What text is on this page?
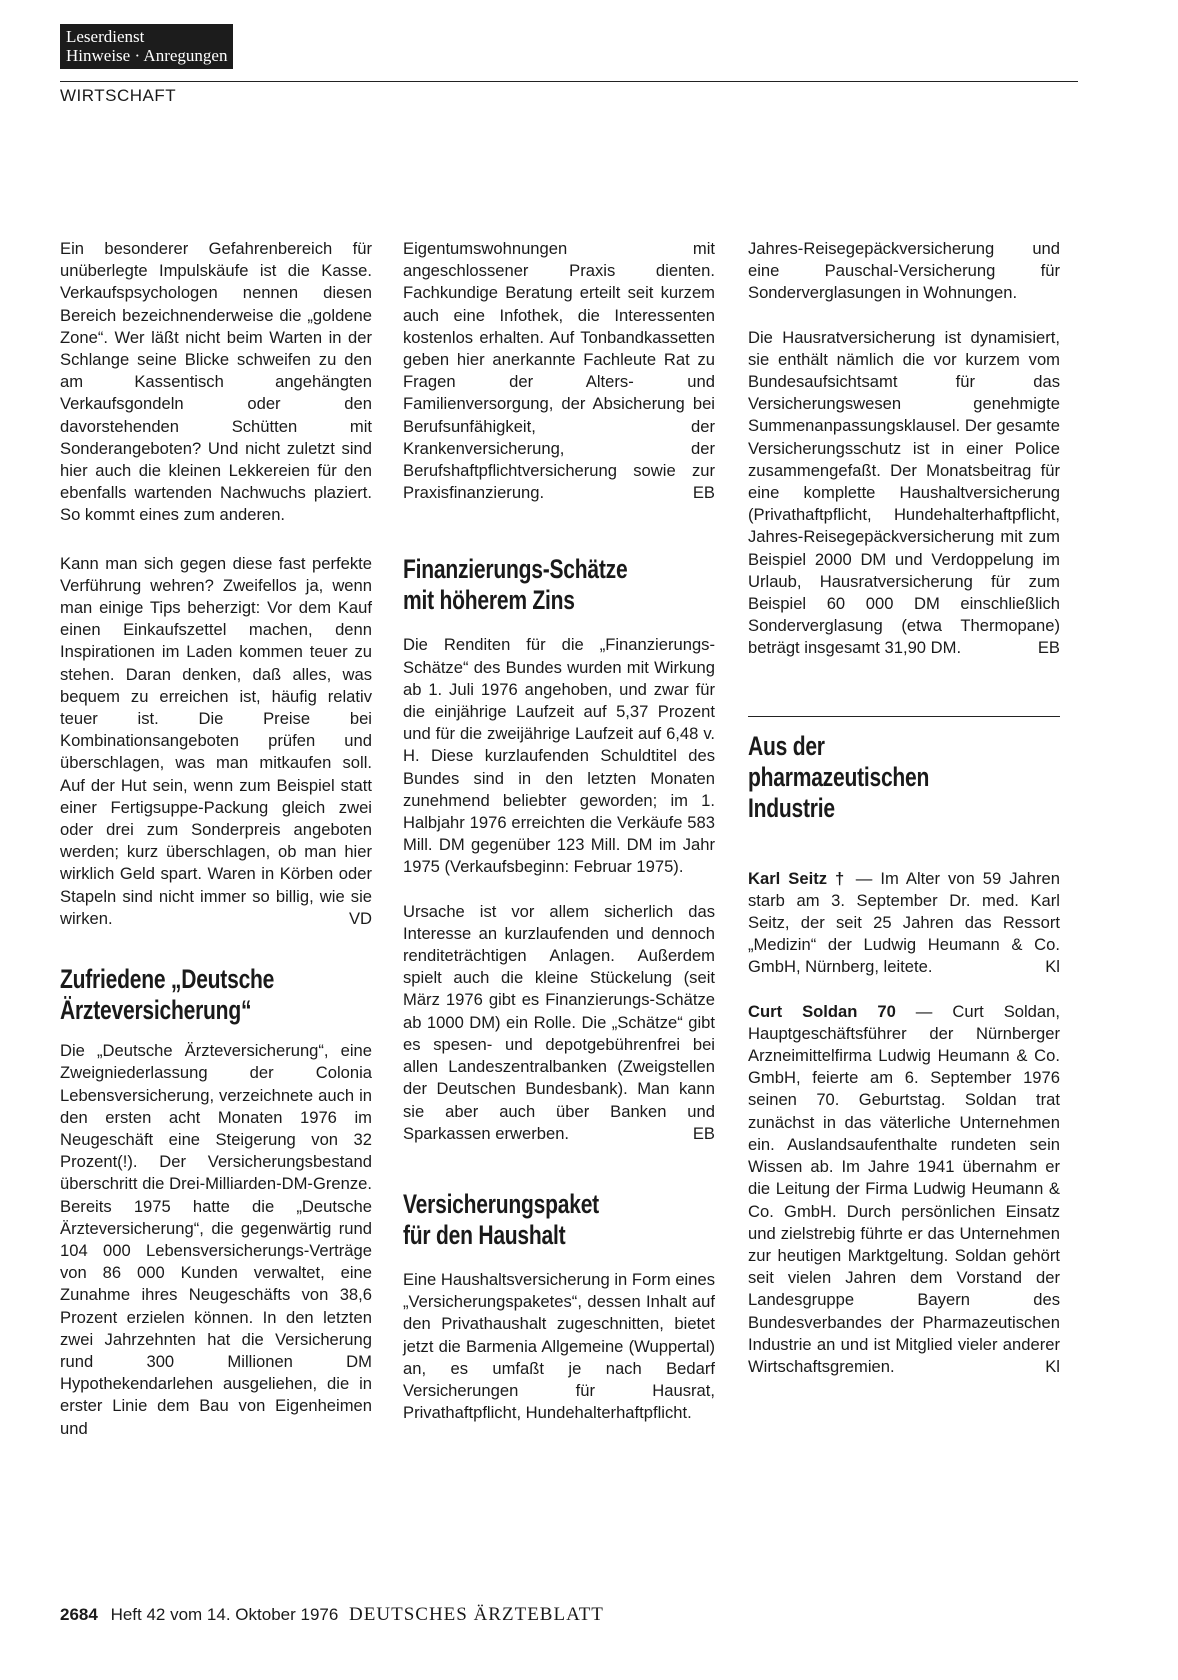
Leserdienst
Hinweise · Anregungen
WIRTSCHAFT

Ein besonderer Gefahrenbereich für unüberlegte Impulskäufe ist die Kasse. Verkaufspsychologen nennen diesen Bereich bezeichnenderweise die „goldene Zone“. Wer läßt nicht beim Warten in der Schlange seine Blicke schweifen zu den am Kassentisch angehängten Verkaufsgondeln oder den davorstehenden Schütten mit Sonderangeboten? Und nicht zuletzt sind hier auch die kleinen Lekkereien für den ebenfalls wartenden Nachwuchs plaziert. So kommt eines zum anderen.

Kann man sich gegen diese fast perfekte Verführung wehren? Zweifellos ja, wenn man einige Tips beherzigt: Vor dem Kauf einen Einkaufszettel machen, denn Inspirationen im Laden kommen teuer zu stehen. Daran denken, daß alles, was bequem zu erreichen ist, häufig relativ teuer ist. Die Preise bei Kombinationsangeboten prüfen und überschlagen, was man mitkaufen soll. Auf der Hut sein, wenn zum Beispiel statt einer Fertigsuppe-Packung gleich zwei oder drei zum Sonderpreis angeboten werden; kurz überschlagen, ob man hier wirklich Geld spart. Waren in Körben oder Stapeln sind nicht immer so billig, wie sie wirken.	VD

Zufriedene „Deutsche
Ärzteversicherung“

Die „Deutsche Ärzteversicherung“, eine Zweigniederlassung der Colonia Lebensversicherung, verzeichnete auch in den ersten acht Monaten 1976 im Neugeschäft eine Steigerung von 32 Prozent(!). Der Versicherungsbestand überschritt die Drei-Milliarden-DM-Grenze. Bereits 1975 hatte die „Deutsche Ärzteversicherung“, die gegenwärtig rund 104 000 Lebensversicherungs-Verträge von 86 000 Kunden verwaltet, eine Zunahme ihres Neugeschäfts von 38,6 Prozent erzielen können. In den letzten zwei Jahrzehnten hat die Versicherung rund 300 Millionen DM Hypothekendarlehen ausgeliehen, die in erster Linie dem Bau von Eigenheimen und

Eigentumswohnungen mit angeschlossener Praxis dienten. Fachkundige Beratung erteilt seit kurzem auch eine Infothek, die Interessenten kostenlos erhalten. Auf Tonbandkassetten geben hier anerkannte Fachleute Rat zu Fragen der Alters- und Familienversorgung, der Absicherung bei Berufsunfähigkeit, der Krankenversicherung, der Berufshaftpflichtversicherung sowie zur Praxisfinanzierung.	EB

Finanzierungs-Schätze
mit höherem Zins

Die Renditen für die „Finanzierungs-Schätze“ des Bundes wurden mit Wirkung ab 1. Juli 1976 angehoben, und zwar für die einjährige Laufzeit auf 5,37 Prozent und für die zweijährige Laufzeit auf 6,48 v. H. Diese kurzlaufenden Schuldtitel des Bundes sind in den letzten Monaten zunehmend beliebter geworden; im 1. Halbjahr 1976 erreichten die Verkäufe 583 Mill. DM gegenüber 123 Mill. DM im Jahr 1975 (Verkaufsbeginn: Februar 1975).

Ursache ist vor allem sicherlich das Interesse an kurzlaufenden und dennoch renditeträchtigen Anlagen. Außerdem spielt auch die kleine Stückelung (seit März 1976 gibt es Finanzierungs-Schätze ab 1000 DM) ein Rolle. Die „Schätze“ gibt es spesen- und depotgebührenfrei bei allen Landeszentralbanken (Zweigstellen der Deutschen Bundesbank). Man kann sie aber auch über Banken und Sparkassen erwerben.	EB

Versicherungspaket
für den Haushalt

Eine Haushaltsversicherung in Form eines „Versicherungspaketes“, dessen Inhalt auf den Privathaushalt zugeschnitten, bietet jetzt die Barmenia Allgemeine (Wuppertal) an, es umfaßt je nach Bedarf Versicherungen für Hausrat, Privathaftpflicht, Hundehalterhaftpflicht.

Jahres-Reisegepäckversicherung und eine Pauschal-Versicherung für Sonderverglasungen in Wohnungen.

Die Hausratversicherung ist dynamisiert, sie enthält nämlich die vor kurzem vom Bundesaufsichtsamt für das Versicherungswesen genehmigte Summenanpassungsklausel. Der gesamte Versicherungsschutz ist in einer Police zusammengefaßt. Der Monatsbeitrag für eine komplette Haushaltversicherung (Privathaftpflicht, Hundehalterhaftpflicht, Jahres-Reisegepäckversicherung mit zum Beispiel 2000 DM und Verdoppelung im Urlaub, Hausratversicherung für zum Beispiel 60 000 DM einschließlich Sonderverglasung (etwa Thermopane) beträgt insgesamt 31,90 DM.	EB

Aus der
pharmazeutischen
Industrie

Karl Seitz † — Im Alter von 59 Jahren starb am 3. September Dr. med. Karl Seitz, der seit 25 Jahren das Ressort „Medizin“ der Ludwig Heumann & Co. GmbH, Nürnberg, leitete.	Kl

Curt Soldan 70 — Curt Soldan, Hauptgeschäftsführer der Nürnberger Arzneimittelfirma Ludwig Heumann & Co. GmbH, feierte am 6. September 1976 seinen 70. Geburtstag. Soldan trat zunächst in das väterliche Unternehmen ein. Auslandsaufenthalte rundeten sein Wissen ab. Im Jahre 1941 übernahm er die Leitung der Firma Ludwig Heumann & Co. GmbH. Durch persönlichen Einsatz und zielstrebig führte er das Unternehmen zur heutigen Marktgeltung. Soldan gehört seit vielen Jahren dem Vorstand der Landesgruppe Bayern des Bundesverbandes der Pharmazeutischen Industrie an und ist Mitglied vieler anderer Wirtschaftsgremien.	Kl

2684 Heft 42 vom 14. Oktober 1976 DEUTSCHES ÄRZTEBLATT
